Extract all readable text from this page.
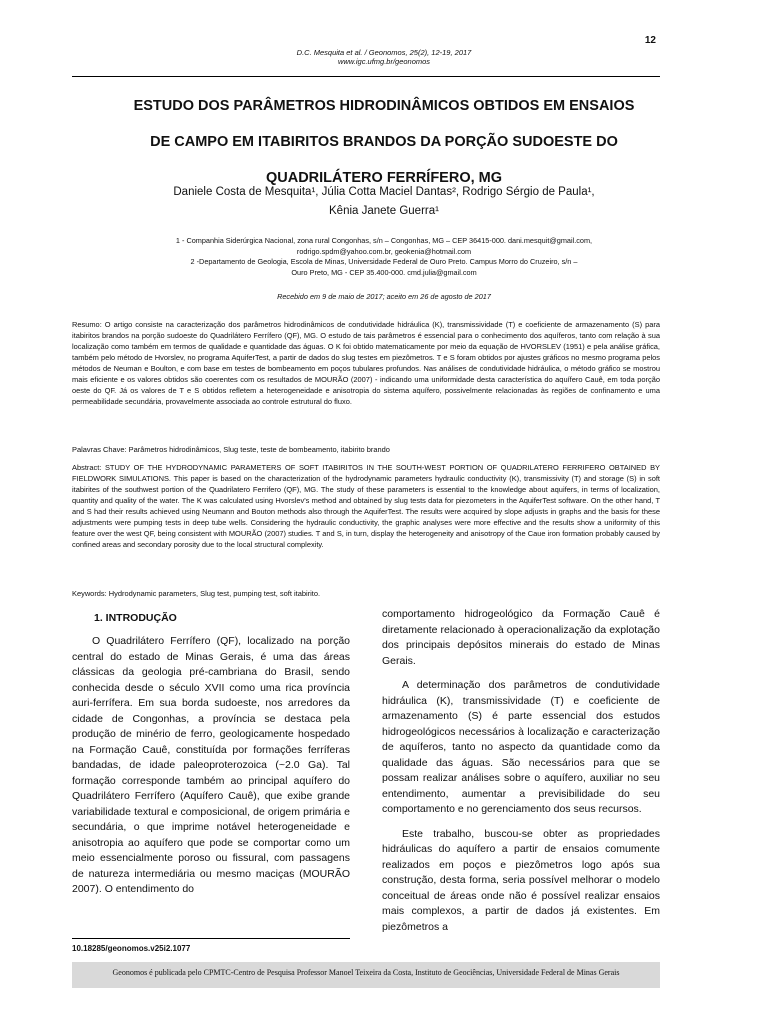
12
D.C. Mesquita et al. / Geonomos, 25(2), 12-19, 2017
www.igc.ufmg.br/geonomos
ESTUDO DOS PARÂMETROS HIDRODINÂMICOS OBTIDOS EM ENSAIOS
DE CAMPO EM ITABIRITOS BRANDOS DA PORÇÃO SUDOESTE DO
QUADRILÁTERO FERRÍFERO, MG
Daniele Costa de Mesquita¹, Júlia Cotta Maciel Dantas², Rodrigo Sérgio de Paula¹,
Kênia Janete Guerra¹
1 - Companhia Siderúrgica Nacional, zona rural Congonhas, s/n – Congonhas, MG – CEP 36415-000. dani.mesquit@gmail.com,
rodrigo.spdm@yahoo.com.br, geokenia@hotmail.com
2 -Departamento de Geologia, Escola de Minas, Universidade Federal de Ouro Preto. Campus Morro do Cruzeiro, s/n –
Ouro Preto, MG - CEP 35.400-000. cmd.julia@gmail.com
Recebido em 9 de maio de 2017; aceito em 26 de agosto de 2017
Resumo: O artigo consiste na caracterização dos parâmetros hidrodinâmicos de condutividade hidráulica (K), transmissividade (T) e coeficiente de armazenamento (S) para itabiritos brandos na porção sudoeste do Quadrilátero Ferrífero (QF), MG. O estudo de tais parâmetros é essencial para o conhecimento dos aquíferos, tanto com relação à sua localização como também em termos de qualidade e quantidade das águas. O K foi obtido matematicamente por meio da equação de HVORSLEV (1951) e pela análise gráfica, também pelo método de Hvorslev, no programa AquiferTest, a partir de dados do slug testes em piezômetros. T e S foram obtidos por ajustes gráficos no mesmo programa pelos métodos de Neuman e Boulton, e com base em testes de bombeamento em poços tubulares profundos. Nas análises de condutividade hidráulica, o método gráfico se mostrou mais eficiente e os valores obtidos são coerentes com os resultados de MOURÃO (2007) - indicando uma uniformidade desta característica do aquífero Cauê, em toda porção oeste do QF. Já os valores de T e S obtidos refletem a heterogeneidade e anisotropia do sistema aquífero, possivelmente relacionadas às regiões de confinamento e uma permeabilidade secundária, provavelmente associada ao controle estrutural do fluxo.
Palavras Chave: Parâmetros hidrodinâmicos, Slug teste, teste de bombeamento, itabirito brando
Abstract: STUDY OF THE HYDRODYNAMIC PARAMETERS OF SOFT ITABIRITOS IN THE SOUTH-WEST PORTION OF QUADRILATERO FERRIFERO OBTAINED BY FIELDWORK SIMULATIONS. This paper is based on the characterization of the hydrodynamic parameters hydraulic conductivity (K), transmissivity (T) and storage (S) in soft itabirites of the southwest portion of the Quadrilatero Ferrifero (QF), MG. The study of these parameters is essential to the knowledge about aquifers, in terms of localization, quantity and quality of the water. The K was calculated using Hvorslev's method and obtained by slug tests data for piezometers in the AquiferTest software. On the other hand, T and S had their results achieved using Neumann and Bouton methods also through the AquiferTest. The results were acquired by slope adjusts in graphs and the basis for these adjustments were pumping tests in deep tube wells. Considering the hydraulic conductivity, the graphic analyses were more effective and the results show a uniformity of this feature over the west QF, being consistent with MOURÃO (2007) studies. T and S, in turn, display the heterogeneity and anisotropy of the Caue iron formation probably caused by confined areas and secondary porosity due to the local structural complexity.
Keywords: Hydrodynamic parameters, Slug test, pumping test, soft itabirito.
1. INTRODUÇÃO

O Quadrilátero Ferrífero (QF), localizado na porção central do estado de Minas Gerais, é uma das áreas clássicas da geologia pré-cambriana do Brasil, sendo conhecida desde o século XVII como uma rica província auri-ferrífera. Em sua borda sudoeste, nos arredores da cidade de Congonhas, a província se destaca pela produção de minério de ferro, geologicamente hospedado na Formação Cauê, constituída por formações ferríferas bandadas, de idade paleoproterozoica (~2.0 Ga). Tal formação corresponde também ao principal aquífero do Quadrilátero Ferrífero (Aquífero Cauê), que exibe grande variabilidade textural e composicional, de origem primária e secundária, o que imprime notável heterogeneidade e anisotropia ao aquífero que pode se comportar como um meio essencialmente poroso ou fissural, com passagens de natureza intermediária ou mesmo maciças (MOURÃO 2007). O entendimento do

comportamento hidrogeológico da Formação Cauê é diretamente relacionado à operacionalização da explotação dos principais depósitos minerais do estado de Minas Gerais.

A determinação dos parâmetros de condutividade hidráulica (K), transmissividade (T) e coeficiente de armazenamento (S) é parte essencial dos estudos hidrogeológicos necessários à localização e caracterização de aquíferos, tanto no aspecto da quantidade como da qualidade das águas. São necessários para que se possam realizar análises sobre o aquífero, auxiliar no seu entendimento, aumentar a previsibilidade do seu comportamento e no gerenciamento dos seus recursos.

Este trabalho, buscou-se obter as propriedades hidráulicas do aquífero a partir de ensaios comumente realizados em poços e piezômetros logo após sua construção, desta forma, seria possível melhorar o modelo conceitual de áreas onde não é possível realizar ensaios mais complexos, a partir de dados já existentes. Em piezômetros a

10.18285/geonomos.v25i2.1077
Geonomos é publicada pelo CPMTC-Centro de Pesquisa Professor Manoel Teixeira da Costa, Instituto de Geociências, Universidade Federal de Minas Gerais
